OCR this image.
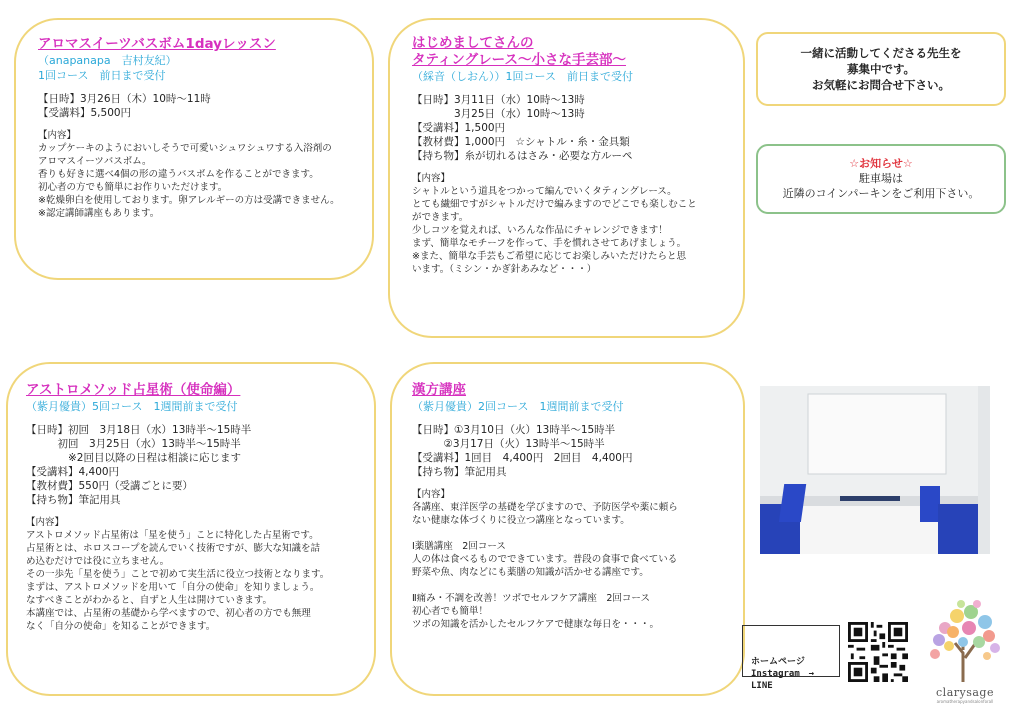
アロマスイーツバスボム1dayレッスン
（anapanapa　吉村友紀）
1回コース　前日まで受付
【日時】3月26日（木）10時～11時
【受講料】5,500円
【内容】
カップケーキのようにおいしそうで可愛いシュワシュワする入浴剤の
アロマスイーツバスボム。
香りも好きに選べ4個の形の違うバスボムを作ることができます。
初心者の方でも簡単にお作りいただけます。
※乾燥卵白を使用しております。卵アレルギーの方は受講できません。
※認定講師講座もあります。
はじめましてさんの
タティングレース～小さな手芸部～
（綵音（しおん））1回コース　前日まで受付
【日時】3月11日（水）10時～13時
　　　　3月25日（水）10時～13時
【受講料】1,500円
【教材費】1,000円　☆シャトル・糸・金具類
【持ち物】糸が切れるはさみ・必要な方ルーペ
【内容】
シャトルという道具をつかって編んでいくタティングレース。
とても繊細ですがシャトルだけで編みますのでどこでも楽しむこと
ができます。
少しコツを覚えれば、いろんな作品にチャレンジできます！
まず、簡単なモチーフを作って、手を慣れさせてあげましょう。
※また、簡単な手芸もご希望に応じてお楽しみいただけたらと思
います。（ミシン・かぎ針あみなど・・・）
一緒に活動してくださる先生を
募集中です。
お気軽にお問合せ下さい。
☆お知らせ☆
駐車場は
近隣のコインパーキンをご利用下さい。
アストロメソッド占星術（使命編）
（紫月優貴）5回コース　1週間前まで受付
【日時】初回　3月18日（水）13時半～15時半
　　　初回　3月25日（水）13時半～15時半
　　　　※2回目以降の日程は相談に応じます
【受講料】4,400円
【教材費】550円（受講ごとに要）
【持ち物】筆記用具
【内容】
アストロメソッド占星術は「星を使う」ことに特化した占星術です。
占星術とは、ホロスコープを読んでいく技術ですが、膨大な知識を詰
め込むだけでは役に立ちません。
その一歩先「星を使う」ことで初めて実生活に役立つ技術となります。
まずは、アストロメソッドを用いて「自分の使命」を知りましょう。
なすべきことがわかると、自ずと人生は開けていきます。
本講座では、占星術の基礎から学べますので、初心者の方でも無理
なく「自分の使命」を知ることができます。
漢方講座
（紫月優貴）2回コース　1週間前まで受付
【日時】①3月10日（火）13時半～15時半
　　　②3月17日（火）13時半～15時半
【受講料】1回目　4,400円　2回目　4,400円
【持ち物】筆記用具
【内容】
各講座、東洋医学の基礎を学びますので、予防医学や薬に頼ら
ない健康な体づくりに役立つ講座となっています。

Ⅰ薬膳講座　2回コース
人の体は食べるものでできています。普段の食事で食べている
野菜や魚、肉などにも薬膳の知識が活かせる講座です。

Ⅱ痛み・不調を改善！ツボでセルフケア講座　2回コース
初心者でも簡単！
ツボの知識を活かしたセルフケアで健康な毎日を・・・。

ホームページ
Instagram　→
LINE	clarysage
aromatherapyandsalonforall
